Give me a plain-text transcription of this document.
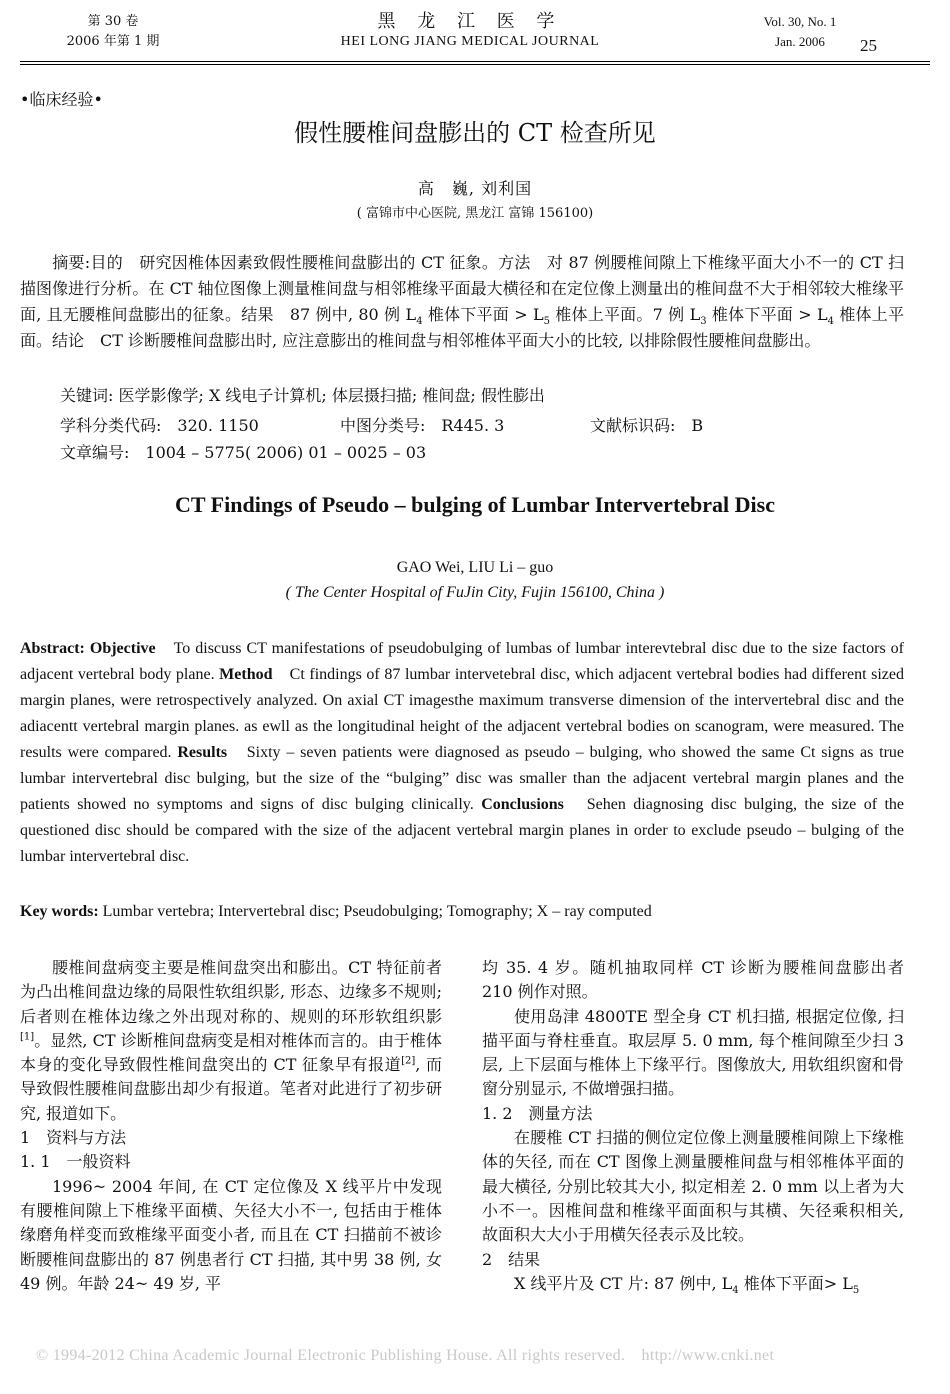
第 30 卷
2006 年第 1 期
黑 龙 江 医 学
HEI LONG JIANG MEDICAL JOURNAL
Vol. 30, No. 1
Jan. 2006	25
•临床经验•
假性腰椎间盘膨出的 CT 检查所见
高　巍, 刘利国
( 富锦市中心医院, 黑龙江 富锦 156100)
摘要:目的　研究因椎体因素致假性腰椎间盘膨出的 CT 征象。方法　对 87 例腰椎间隙上下椎缘平面大小不一的 CT 扫描图像进行分析。在 CT 轴位图像上测量椎间盘与相邻椎缘平面最大横径和在定位像上测量出的椎间盘不大于相邻较大椎缘平面, 且无腰椎间盘膨出的征象。结果　87 例中, 80 例 $L_4$ 椎体下平面 > $L_5$ 椎体上平面。7 例 $L_3$ 椎体下平面 > $L_4$ 椎体上平面。结论　CT 诊断腰椎间盘膨出时, 应注意膨出的椎间盘与相邻椎体平面大小的比较, 以排除假性腰椎间盘膨出。
关键词: 医学影像学; X 线电子计算机; 体层摄扫描; 椎间盘; 假性膨出
学科分类代码:　320. 1150	中图分类号:　R445. 3	文献标识码:　B
文章编号:　1004 – 5775( 2006) 01 – 0025 – 03
CT Findings of Pseudo – bulging of Lumbar Intervertebral Disc
GAO Wei, LIU Li – guo
( The Center Hospital of FuJin City, Fujin 156100, China )
Abstract: Objective　To discuss CT manifestations of pseudobulging of lumbas of lumbar interevtebral disc due to the size factors of adjacent vertebral body plane. Method　Ct findings of 87 lumbar intervetebral disc, which adjacent vertebral bodies had different sized margin planes, were retrospectively analyzed. On axial CT imagesthe maximum transverse dimension of the intervertebral disc and the adiacentt vertebral margin planes. as ewll as the longitudinal height of the adjacent vertebral bodies on scanogram, were measured. The results were compared. Results　Sixty – seven patients were diagnosed as pseudo – bulging, who showed the same Ct signs as true lumbar intervertebral disc bulging, but the size of the “bulging” disc was smaller than the adjacent vertebral margin planes and the patients showed no symptoms and signs of disc bulging clinically. Conclusions　Sehen diagnosing disc bulging, the size of the questioned disc should be compared with the size of the adjacent vertebral margin planes in order to exclude pseudo – bulging of the lumbar intervertebral disc.
Key words: Lumbar vertebra; Intervertebral disc; Pseudobulging; Tomography; X – ray computed

腰椎间盘病变主要是椎间盘突出和膨出。CT 特征前者为凸出椎间盘边缘的局限性软组织影, 形态、边缘多不规则; 后者则在椎体边缘之外出现对称的、规则的环形软组织影[1]。显然, CT 诊断椎间盘病变是相对椎体而言的。由于椎体本身的变化导致假性椎间盘突出的 CT 征象早有报道[2], 而导致假性腰椎间盘膨出却少有报道。笔者对此进行了初步研究, 报道如下。

1　资料与方法

1. 1　一般资料

1996~ 2004 年间, 在 CT 定位像及 X 线平片中发现有腰椎间隙上下椎缘平面横、矢径大小不一, 包括由于椎体缘磨角样变而致椎缘平面变小者, 而且在 CT 扫描前不被诊断腰椎间盘膨出的 87 例患者行 CT 扫描, 其中男 38 例, 女 49 例。年龄 24~ 49 岁, 平

均 35. 4 岁。随机抽取同样 CT 诊断为腰椎间盘膨出者 210 例作对照。

使用岛津 4800TE 型全身 CT 机扫描, 根据定位像, 扫描平面与脊柱垂直。取层厚 5. 0 mm, 每个椎间隙至少扫 3 层, 上下层面与椎体上下缘平行。图像放大, 用软组织窗和骨窗分别显示, 不做增强扫描。

1. 2　测量方法

在腰椎 CT 扫描的侧位定位像上测量腰椎间隙上下缘椎体的矢径, 而在 CT 图像上测量腰椎间盘与相邻椎体平面的最大横径, 分别比较其大小, 拟定相差 2. 0 mm 以上者为大小不一。因椎间盘和椎缘平面面积与其横、矢径乘积相关, 故面积大大小于用横矢径表示及比较。

2　结果

X 线平片及 CT 片: 87 例中, $L_4$ 椎体下平面> $L_5$

© 1994-2012 China Academic Journal Electronic Publishing House. All rights reserved.　http://www.cnki.net
